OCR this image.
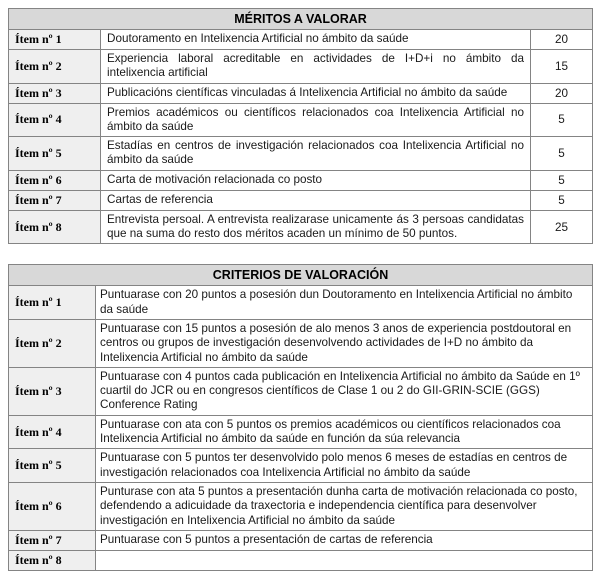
MÉRITOS A VALORAR		
Ítem nº 1	Doutoramento en Intelixencia Artificial no ámbito da saúde	20
Ítem nº 2	Experiencia laboral acreditable en actividades de I+D+i no ámbito da intelixencia artificial	15
Ítem nº 3	Publicacións científicas vinculadas á Intelixencia Artificial no ámbito da saúde	20
Ítem nº 4	Premios académicos ou científicos relacionados coa Intelixencia Artificial no ámbito da saúde	5
Ítem nº 5	Estadías en centros de investigación relacionados coa Intelixencia Artificial no ámbito da saúde	5
Ítem nº 6	Carta de motivación relacionada co posto	5
Ítem nº 7	Cartas de referencia	5
Ítem nº 8	Entrevista persoal. A entrevista realizarase unicamente ás 3 persoas candidatas que na suma do resto dos méritos acaden un mínimo de 50 puntos.	25
CRITERIOS DE VALORACIÓN	
Ítem nº 1	Puntuarase con 20 puntos a posesión dun Doutoramento en Intelixencia Artificial no ámbito da saúde
Ítem nº 2	Puntuarase con 15 puntos a posesión de alo menos 3 anos de experiencia postdoutoral en centros ou grupos de investigación desenvolvendo actividades de I+D no ámbito da Intelixencia Artificial no ámbito da saúde
Ítem nº 3	Puntuarase con 4 puntos cada publicación en Intelixencia Artificial no ámbito da Saúde en 1º cuartil do JCR ou en congresos científicos de Clase 1 ou 2 do GII-GRIN-SCIE (GGS) Conference Rating
Ítem nº 4	Puntuarase con ata con 5 puntos os premios académicos ou científicos relacionados coa Intelixencia Artificial no ámbito da saúde en función da súa relevancia
Ítem nº 5	Puntuarase con 5 puntos ter desenvolvido polo menos 6 meses de estadías en centros de investigación relacionados coa Intelixencia Artificial no ámbito da saúde
Ítem nº 6	Punturase con ata 5 puntos a presentación dunha carta de motivación relacionada co posto, defendendo a adicuidade da traxectoria e independencia científica para desenvolver investigación en Intelixencia Artificial no ámbito da saúde
Ítem nº 7	Puntuarase con 5 puntos a presentación de cartas de referencia
Ítem nº 8	
